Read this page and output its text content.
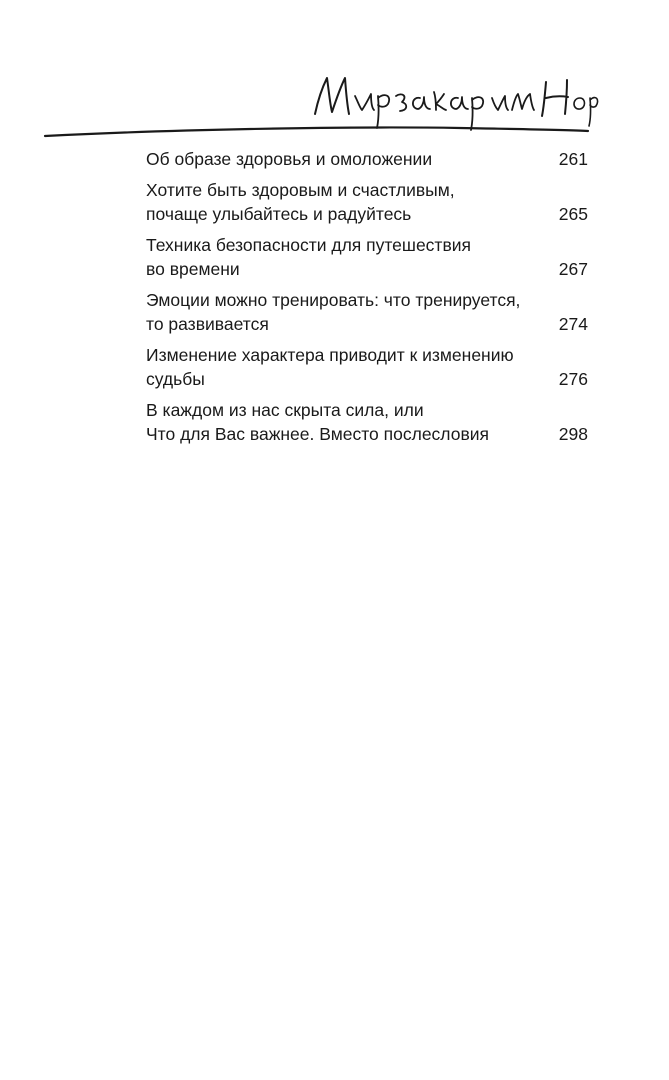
Об образе здоровья и омоложении	261
Хотите быть здоровым и счастливым,
почаще улыбайтесь и радуйтесь	265
Техника безопасности для путешествия
во времени	267
Эмоции можно тренировать: что тренируется,
то развивается	274
Изменение характера приводит к изменению
судьбы	276
В каждом из нас скрыта сила, или
Что для Вас важнее. Вместо послесловия	298
